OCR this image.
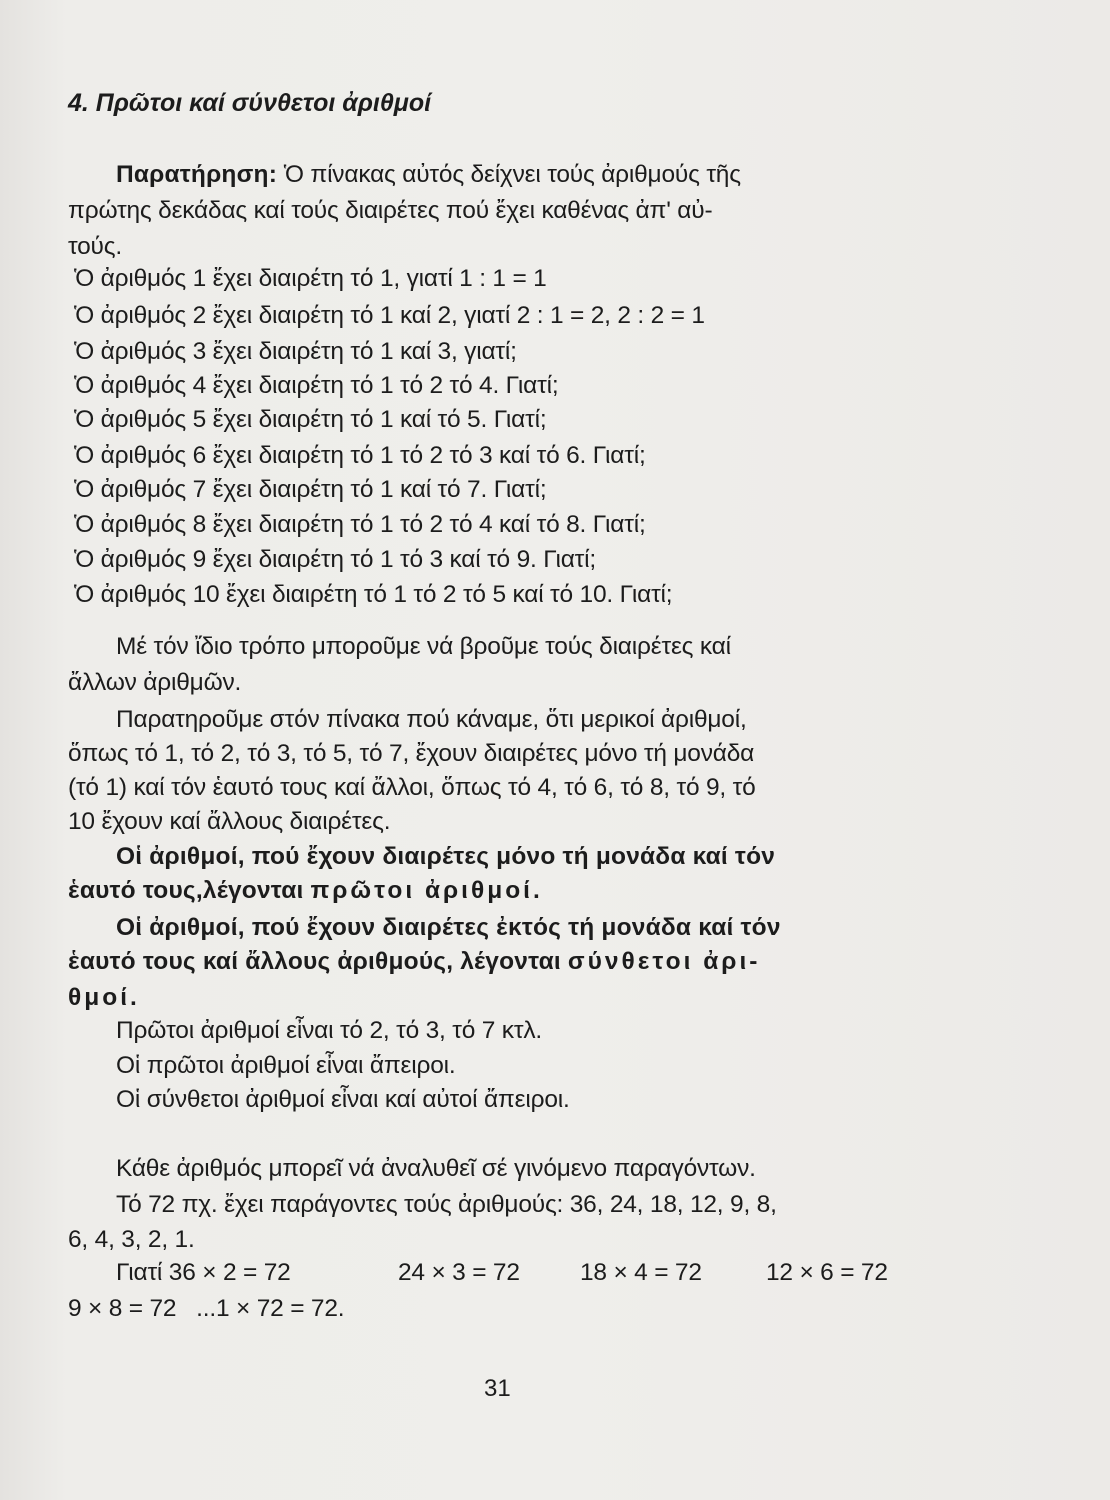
4. Πρῶτοι καί σύνθετοι ἀριθμοί
Παρατήρηση: Ὁ πίνακας αὐτός δείχνει τούς ἀριθμούς τῆς
πρώτης δεκάδας καί τούς διαιρέτες πού ἔχει καθένας ἀπ' αὐ-
τούς.
Ὁ ἀριθμός 1 ἔχει διαιρέτη τό 1, γιατί 1 : 1 = 1
Ὁ ἀριθμός 2 ἔχει διαιρέτη τό 1 καί 2, γιατί 2 : 1 = 2, 2 : 2 = 1
Ὁ ἀριθμός 3 ἔχει διαιρέτη τό 1 καί 3, γιατί;
Ὁ ἀριθμός 4 ἔχει διαιρέτη τό 1 τό 2 τό 4. Γιατί;
Ὁ ἀριθμός 5 ἔχει διαιρέτη τό 1 καί τό 5. Γιατί;
Ὁ ἀριθμός 6 ἔχει διαιρέτη τό 1 τό 2 τό 3 καί τό 6. Γιατί;
Ὁ ἀριθμός 7 ἔχει διαιρέτη τό 1 καί τό 7. Γιατί;
Ὁ ἀριθμός 8 ἔχει διαιρέτη τό 1 τό 2 τό 4 καί τό 8. Γιατί;
Ὁ ἀριθμός 9 ἔχει διαιρέτη τό 1 τό 3 καί τό 9. Γιατί;
Ὁ ἀριθμός 10 ἔχει διαιρέτη τό 1 τό 2 τό 5 καί τό 10. Γιατί;
Μέ τόν ἴδιο τρόπο μποροῦμε νά βροῦμε τούς διαιρέτες καί
ἄλλων ἀριθμῶν.
Παρατηροῦμε στόν πίνακα πού κάναμε, ὅτι μερικοί ἀριθμοί,
ὅπως τό 1, τό 2, τό 3, τό 5, τό 7, ἔχουν διαιρέτες μόνο τή μονάδα
(τό 1) καί τόν ἑαυτό τους καί ἄλλοι, ὅπως τό 4, τό 6, τό 8, τό 9, τό
10 ἔχουν καί ἄλλους διαιρέτες.
Οἱ ἀριθμοί, πού ἔχουν διαιρέτες μόνο τή μονάδα καί τόν
ἑαυτό τους,λέγονται πρῶτοι ἀριθμοί.
Οἱ ἀριθμοί, πού ἔχουν διαιρέτες ἐκτός τή μονάδα καί τόν
ἑαυτό τους καί ἄλλους ἀριθμούς, λέγονται σύνθετοι ἀρι-
θμοί.
Πρῶτοι ἀριθμοί εἶναι τό 2, τό 3, τό 7 κτλ.
Οἱ πρῶτοι ἀριθμοί εἶναι ἄπειροι.
Οἱ σύνθετοι ἀριθμοί εἶναι καί αὐτοί ἄπειροι.
Κάθε ἀριθμός μπορεῖ νά ἀναλυθεῖ σέ γινόμενο παραγόντων.
Τό 72 πχ. ἔχει παράγοντες τούς ἀριθμούς: 36, 24, 18, 12, 9, 8,
6, 4, 3, 2, 1.
Γιατί 36 × 2 = 72	24 × 3 = 72 18 × 4 = 72	12 × 6 = 72
9 × 8 = 72   ...1 × 72 = 72.
31
